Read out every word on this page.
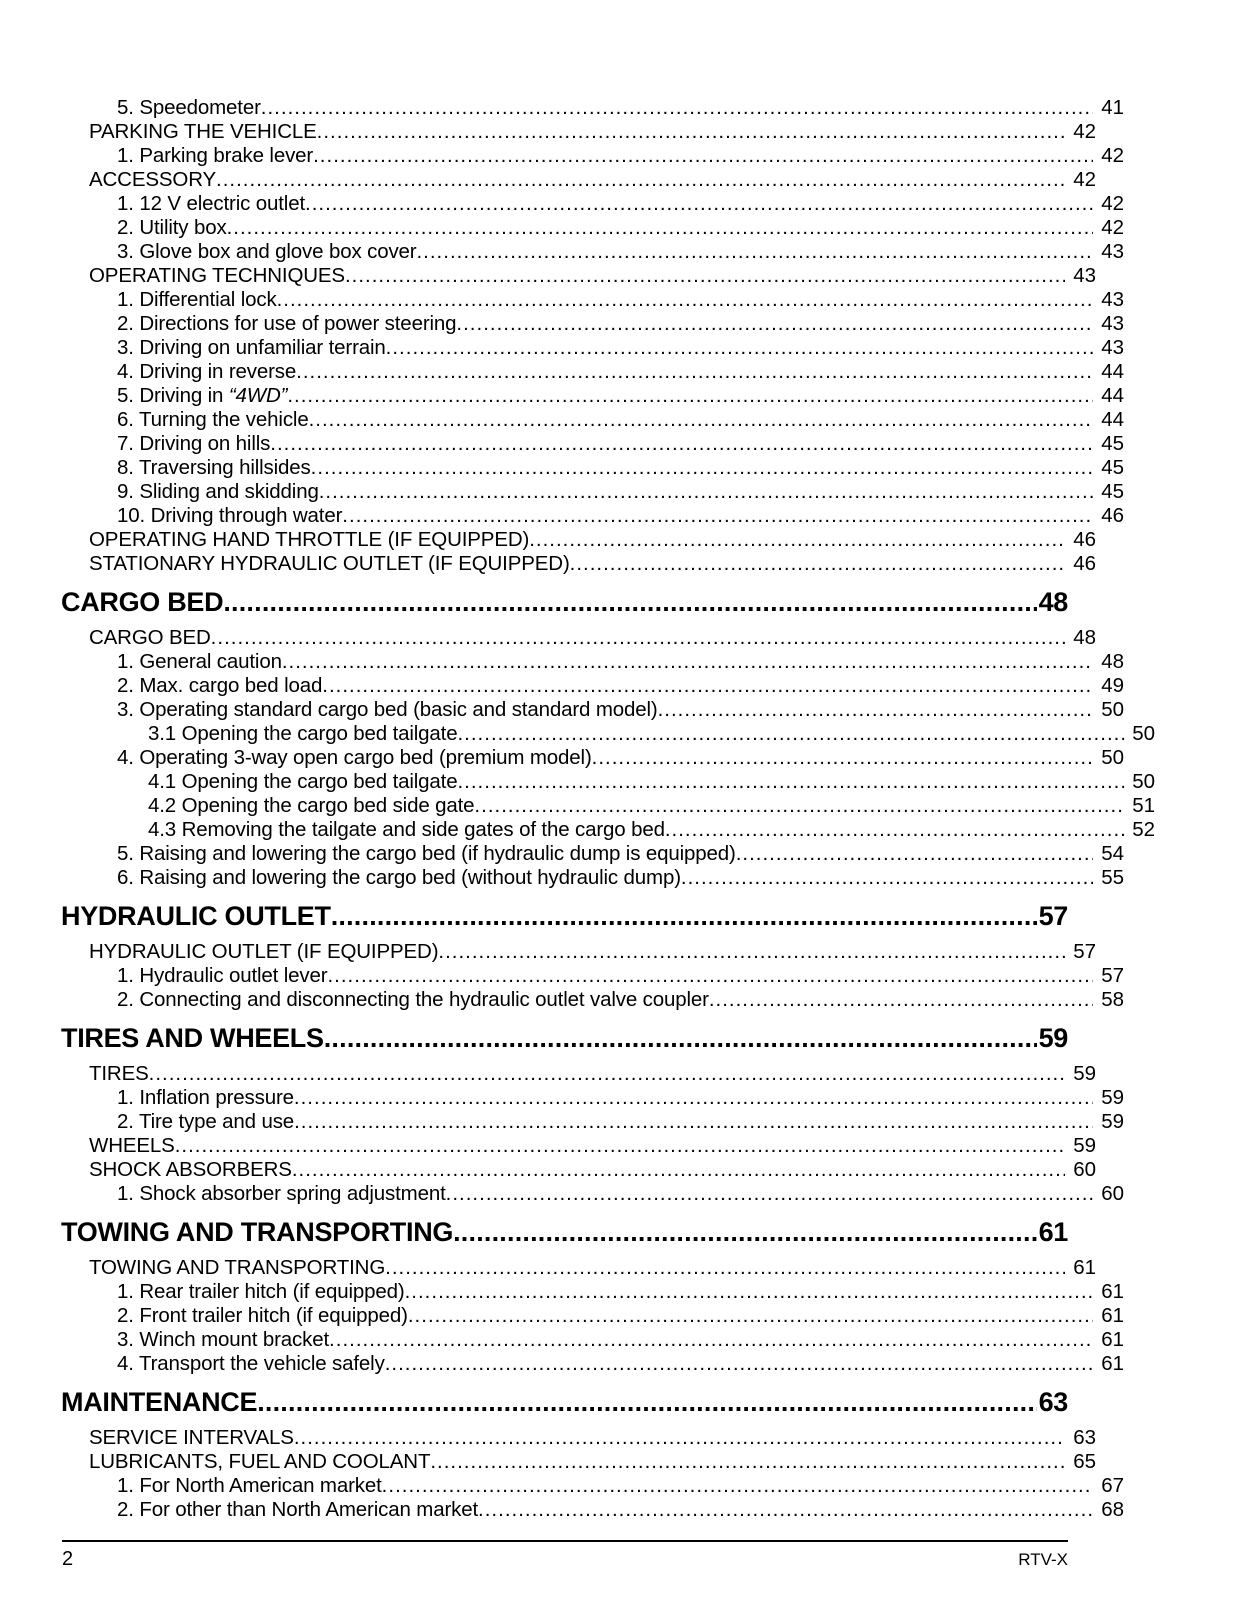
5. Speedometer .....	41
PARKING THE VEHICLE .....	42
1. Parking brake lever .....	42
ACCESSORY .....	42
1. 12 V electric outlet .....	42
2. Utility box .....	42
3. Glove box and glove box cover .....	43
OPERATING TECHNIQUES .....	43
1. Differential lock .....	43
2. Directions for use of power steering .....	43
3. Driving on unfamiliar terrain .....	43
4. Driving in reverse .....	44
5. Driving in “4WD” .....	44
6. Turning the vehicle .....	44
7. Driving on hills .....	45
8. Traversing hillsides .....	45
9. Sliding and skidding .....	45
10. Driving through water .....	46
OPERATING HAND THROTTLE (IF EQUIPPED) .....	46
STATIONARY HYDRAULIC OUTLET (IF EQUIPPED) .....	46
CARGO BED .....	48
CARGO BED .....	48
1. General caution .....	48
2. Max. cargo bed load .....	49
3. Operating standard cargo bed (basic and standard model) .....	50
3.1 Opening the cargo bed tailgate .....	50
4. Operating 3-way open cargo bed (premium model) .....	50
4.1 Opening the cargo bed tailgate .....	50
4.2 Opening the cargo bed side gate .....	51
4.3 Removing the tailgate and side gates of the cargo bed .....	52
5. Raising and lowering the cargo bed (if hydraulic dump is equipped) .....	54
6. Raising and lowering the cargo bed (without hydraulic dump) .....	55
HYDRAULIC OUTLET .....	57
HYDRAULIC OUTLET (IF EQUIPPED) .....	57
1. Hydraulic outlet lever .....	57
2. Connecting and disconnecting the hydraulic outlet valve coupler .....	58
TIRES AND WHEELS .....	59
TIRES .....	59
1. Inflation pressure .....	59
2. Tire type and use .....	59
WHEELS .....	59
SHOCK ABSORBERS .....	60
1. Shock absorber spring adjustment .....	60
TOWING AND TRANSPORTING .....	61
TOWING AND TRANSPORTING .....	61
1. Rear trailer hitch (if equipped) .....	61
2. Front trailer hitch (if equipped) .....	61
3. Winch mount bracket .....	61
4. Transport the vehicle safely .....	61
MAINTENANCE .....	63
SERVICE INTERVALS .....	63
LUBRICANTS, FUEL AND COOLANT .....	65
1. For North American market .....	67
2. For other than North American market .....	68
2	RTV-X
